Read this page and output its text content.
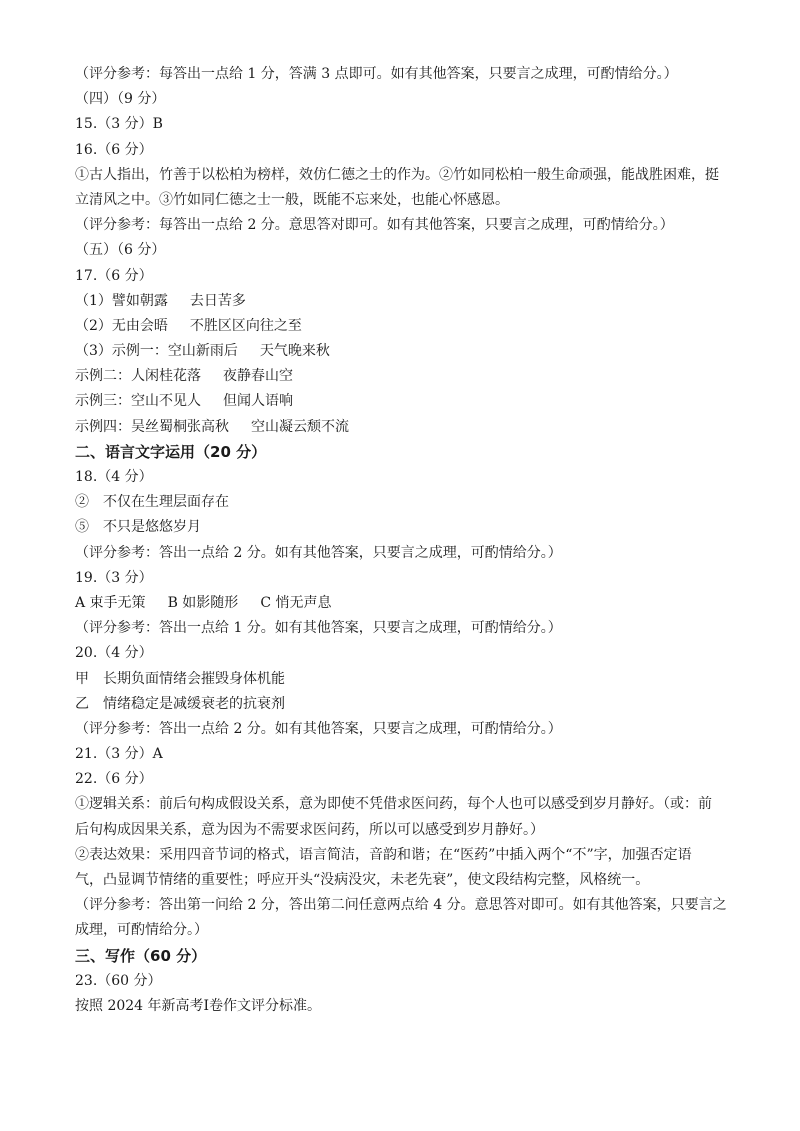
（评分参考：每答出一点给 1 分，答满 3 点即可。如有其他答案，只要言之成理，可酌情给分。）
（四）（9 分）
15.（3 分）B
16.（6 分）
①古人指出，竹善于以松柏为榜样，效仿仁德之士的作为。②竹如同松柏一般生命顽强，能战胜困难，挺
立清风之中。③竹如同仁德之士一般，既能不忘来处，也能心怀感恩。
（评分参考：每答出一点给 2 分。意思答对即可。如有其他答案，只要言之成理，可酌情给分。）
（五）（6 分）
17.（6 分）
（1）譬如朝露 去日苦多
（2）无由会晤 不胜区区向往之至
（3）示例一：空山新雨后 天气晚来秋
示例二：人闲桂花落 夜静春山空
示例三：空山不见人 但闻人语响
示例四：吴丝蜀桐张高秋 空山凝云颓不流
二、语言文字运用（20 分）
18.（4 分）
②　不仅在生理层面存在
⑤　不只是悠悠岁月
（评分参考：答出一点给 2 分。如有其他答案，只要言之成理，可酌情给分。）
19.（3 分）
A 束手无策 B 如影随形 C 悄无声息
（评分参考：答出一点给 1 分。如有其他答案，只要言之成理，可酌情给分。）
20.（4 分）
甲　长期负面情绪会摧毁身体机能
乙　情绪稳定是减缓衰老的抗衰剂
（评分参考：答出一点给 2 分。如有其他答案，只要言之成理，可酌情给分。）
21.（3 分）A
22.（6 分）
①逻辑关系：前后句构成假设关系，意为即使不凭借求医问药，每个人也可以感受到岁月静好。（或：前
后句构成因果关系，意为因为不需要求医问药，所以可以感受到岁月静好。）
②表达效果：采用四音节词的格式，语言简洁，音韵和谐；在“医药”中插入两个“不”字，加强否定语
气，凸显调节情绪的重要性；呼应开头“没病没灾，未老先衰”，使文段结构完整，风格统一。
（评分参考：答出第一问给 2 分，答出第二问任意两点给 4 分。意思答对即可。如有其他答案，只要言之
成理，可酌情给分。）
三、写作（60 分）
23.（60 分）
按照 2024 年新高考Ⅰ卷作文评分标准。
